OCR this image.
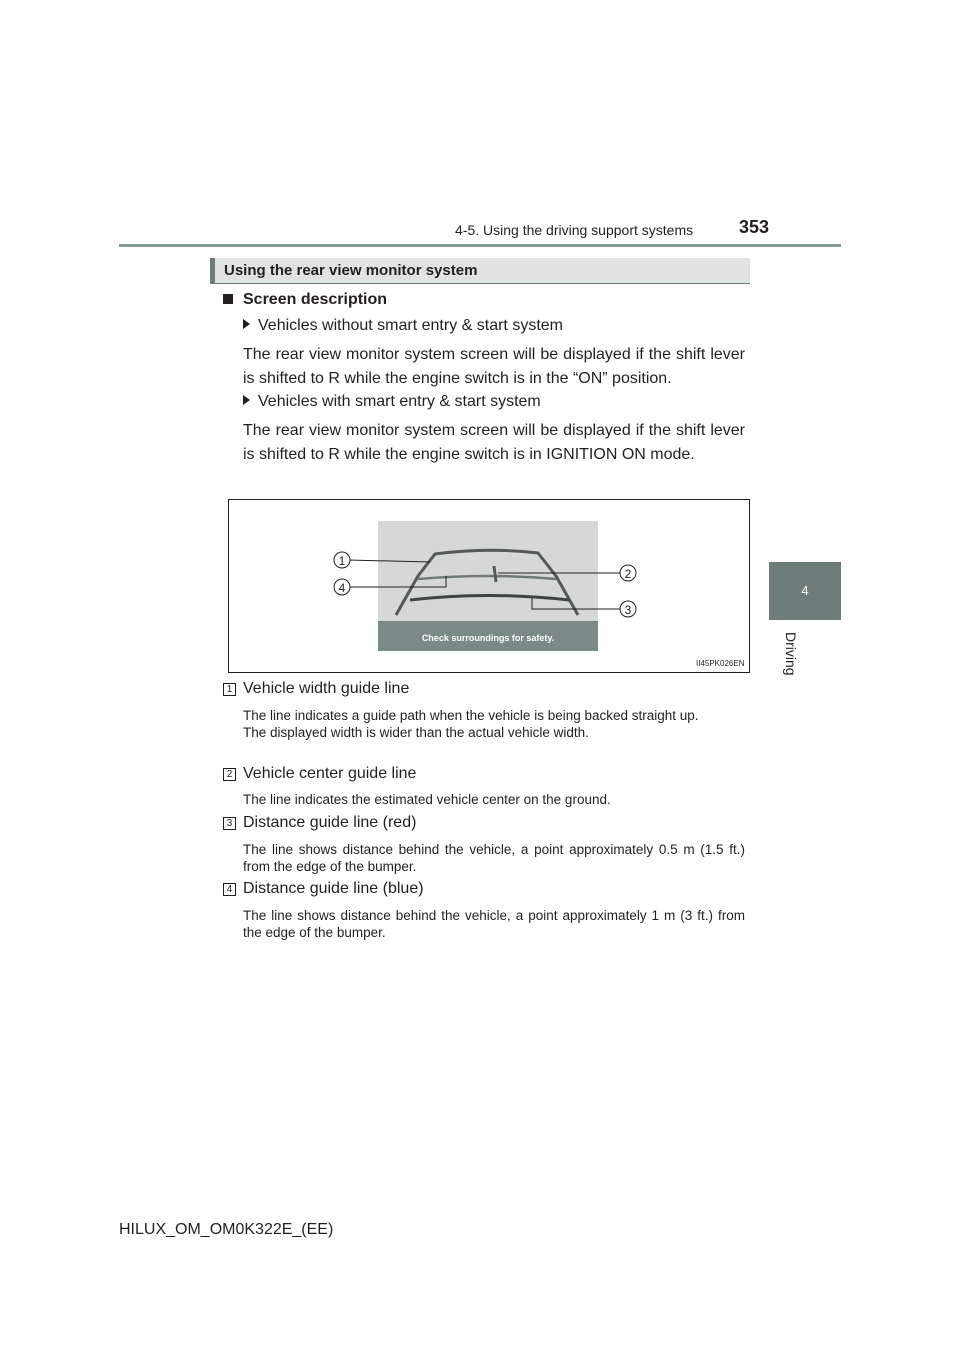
4-5. Using the driving support systems	353
4
Driving
Using the rear view monitor system
Screen description
Vehicles without smart entry & start system
The rear view monitor system screen will be displayed if the shift lever is shifted to R while the engine switch is in the “ON” position.
Vehicles with smart entry & start system
The rear view monitor system screen will be displayed if the shift lever is shifted to R while the engine switch is in IGNITION ON mode.
Check surroundings for safety.
1
4
2
3
II45PK026EN
1 Vehicle width guide line
The line indicates a guide path when the vehicle is being backed straight up.
The displayed width is wider than the actual vehicle width.
2 Vehicle center guide line
The line indicates the estimated vehicle center on the ground.
3 Distance guide line (red)
The line shows distance behind the vehicle, a point approximately 0.5 m (1.5 ft.) from the edge of the bumper.
4 Distance guide line (blue)
The line shows distance behind the vehicle, a point approximately 1 m (3 ft.) from the edge of the bumper.
HILUX_OM_OM0K322E_(EE)
